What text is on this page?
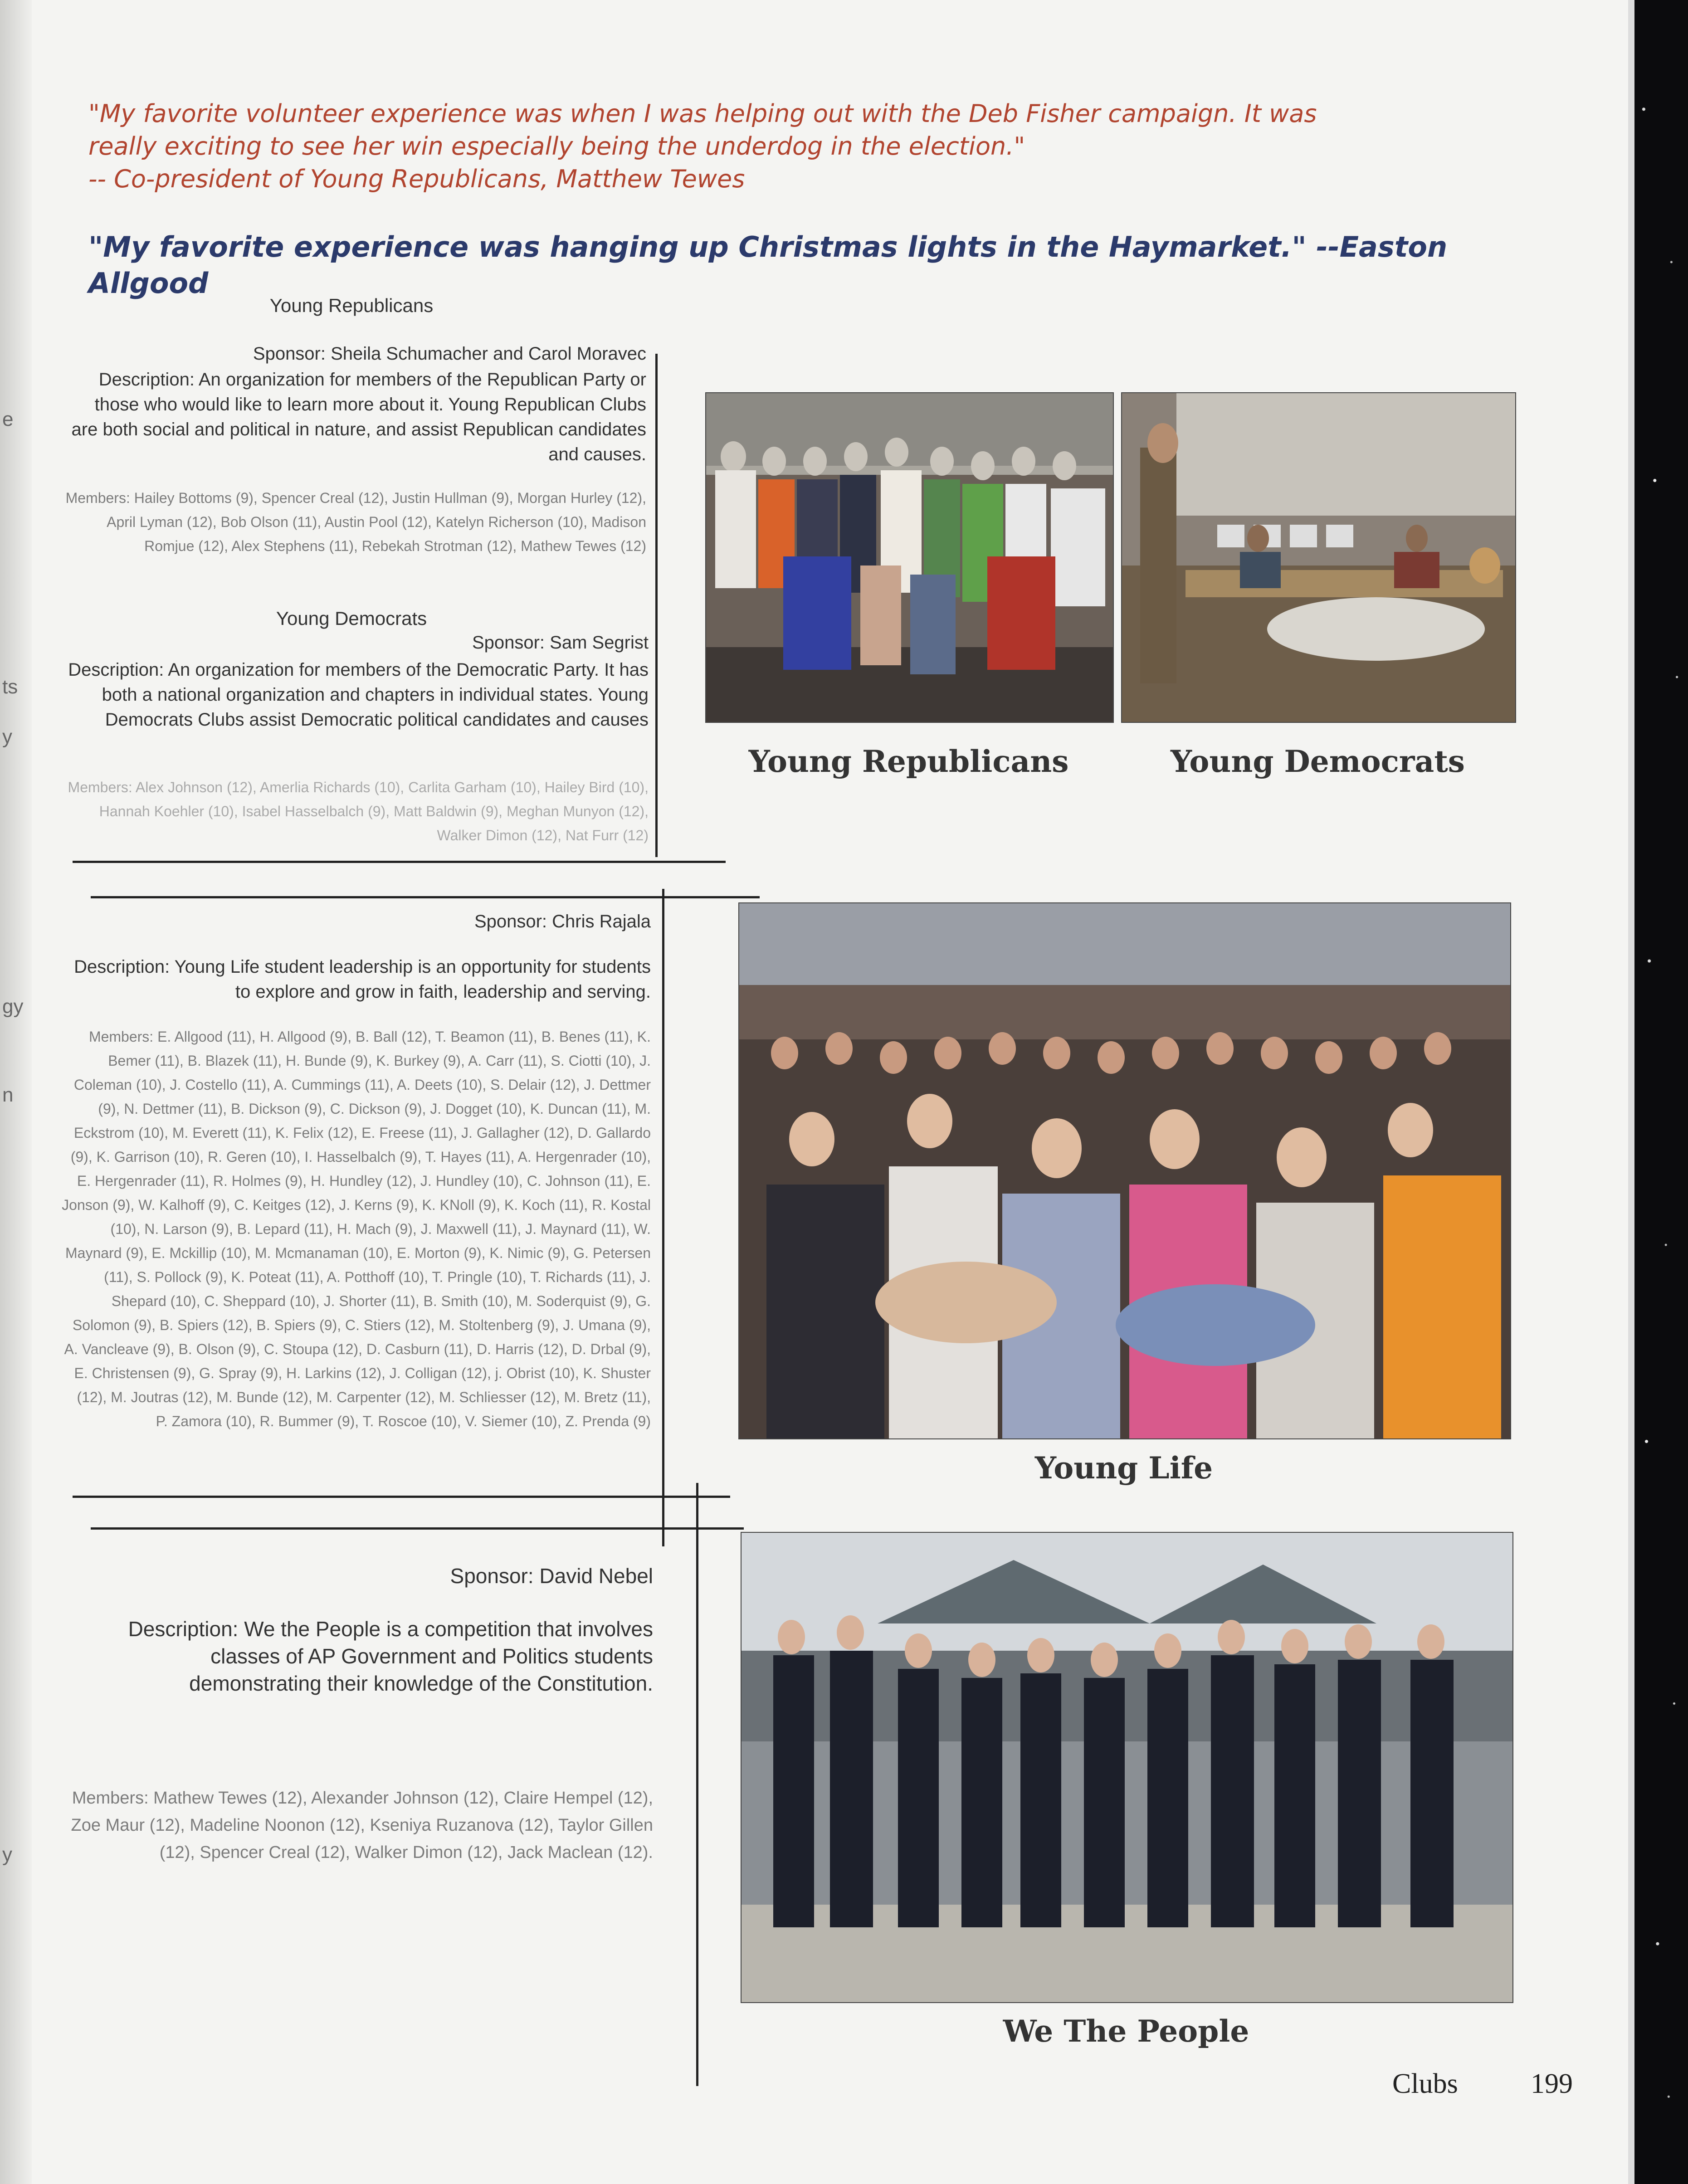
e
ts
y
gy
n
y
"My favorite volunteer experience was when I was helping out with the Deb Fisher campaign. It was
really exciting to see her win especially being the underdog in the election."
-- Co-president of Young Republicans, Matthew Tewes
"My favorite experience was hanging up Christmas lights in the Haymarket." --Easton Allgood
Young Republicans
Sponsor: Sheila Schumacher and Carol Moravec
Description: An organization for members of the Republican Party or those who would like to learn more about it. Young Republican Clubs are both social and political in nature, and assist Republican candidates and causes.
Members: Hailey Bottoms (9), Spencer Creal (12), Justin Hullman (9), Morgan Hurley (12), April Lyman (12), Bob Olson (11), Austin Pool (12), Katelyn Richerson (10), Madison Romjue (12), Alex Stephens (11), Rebekah Strotman (12), Mathew Tewes (12)
Young Democrats
Sponsor: Sam Segrist
Description: An organization for members of the Democratic Party. It has both a national organization and chapters in individual states. Young Democrats Clubs assist Democratic political candidates and causes
Members: Alex Johnson (12), Amerlia Richards (10), Carlita Garham (10), Hailey Bird (10), Hannah Koehler (10), Isabel Hasselbalch (9), Matt Baldwin (9), Meghan Munyon (12), Walker Dimon (12), Nat Furr (12)
Sponsor: Chris Rajala
Description: Young Life student leadership is an opportunity for students to explore and grow in faith, leadership and serving.
Members: E. Allgood (11), H. Allgood (9), B. Ball (12), T. Beamon (11), B. Benes (11), K. Bemer (11), B. Blazek (11), H. Bunde (9), K. Burkey (9), A. Carr (11), S. Ciotti (10), J. Coleman (10), J. Costello (11), A. Cummings (11), A. Deets (10), S. Delair (12), J. Dettmer (9), N. Dettmer (11), B. Dickson (9), C. Dickson (9), J. Dogget (10), K. Duncan (11), M. Eckstrom (10), M. Everett (11), K. Felix (12), E. Freese (11), J. Gallagher (12), D. Gallardo (9), K. Garrison (10), R. Geren (10), I. Hasselbalch (9), T. Hayes (11), A. Hergenrader (10), E. Hergenrader (11), R. Holmes (9), H. Hundley (12), J. Hundley (10), C. Johnson (11), E. Jonson (9), W. Kalhoff (9), C. Keitges (12), J. Kerns (9), K. KNoll (9), K. Koch (11), R. Kostal (10), N. Larson (9), B. Lepard (11), H. Mach (9), J. Maxwell (11), J. Maynard (11), W. Maynard (9), E. Mckillip (10), M. Mcmanaman (10), E. Morton (9), K. Nimic (9), G. Petersen (11), S. Pollock (9), K. Poteat (11), A. Potthoff (10), T. Pringle (10), T. Richards (11), J. Shepard (10), C. Sheppard (10), J. Shorter (11), B. Smith (10), M. Soderquist (9), G. Solomon (9), B. Spiers (12), B. Spiers (9), C. Stiers (12), M. Stoltenberg (9), J. Umana (9), A. Vancleave (9), B. Olson (9), C. Stoupa (12), D. Casburn (11), D. Harris (12), D. Drbal (9), E. Christensen (9), G. Spray (9), H. Larkins (12), J. Colligan (12), j. Obrist (10), K. Shuster (12), M. Joutras (12), M. Bunde (12), M. Carpenter (12), M. Schliesser (12), M. Bretz (11), P. Zamora (10), R. Bummer (9), T. Roscoe (10), V. Siemer (10), Z. Prenda (9)
Sponsor: David Nebel
Description: We the People is a competition that involves classes of AP Government and Politics students demonstrating their knowledge of the Constitution.
Members: Mathew Tewes (12), Alexander Johnson (12), Claire Hempel (12), Zoe Maur (12), Madeline Noonon (12), Kseniya Ruzanova (12), Taylor Gillen (12), Spencer Creal (12), Walker Dimon (12), Jack Maclean (12).
Young Republicans	Young Democrats
Young Life
We The People
Clubs	199
